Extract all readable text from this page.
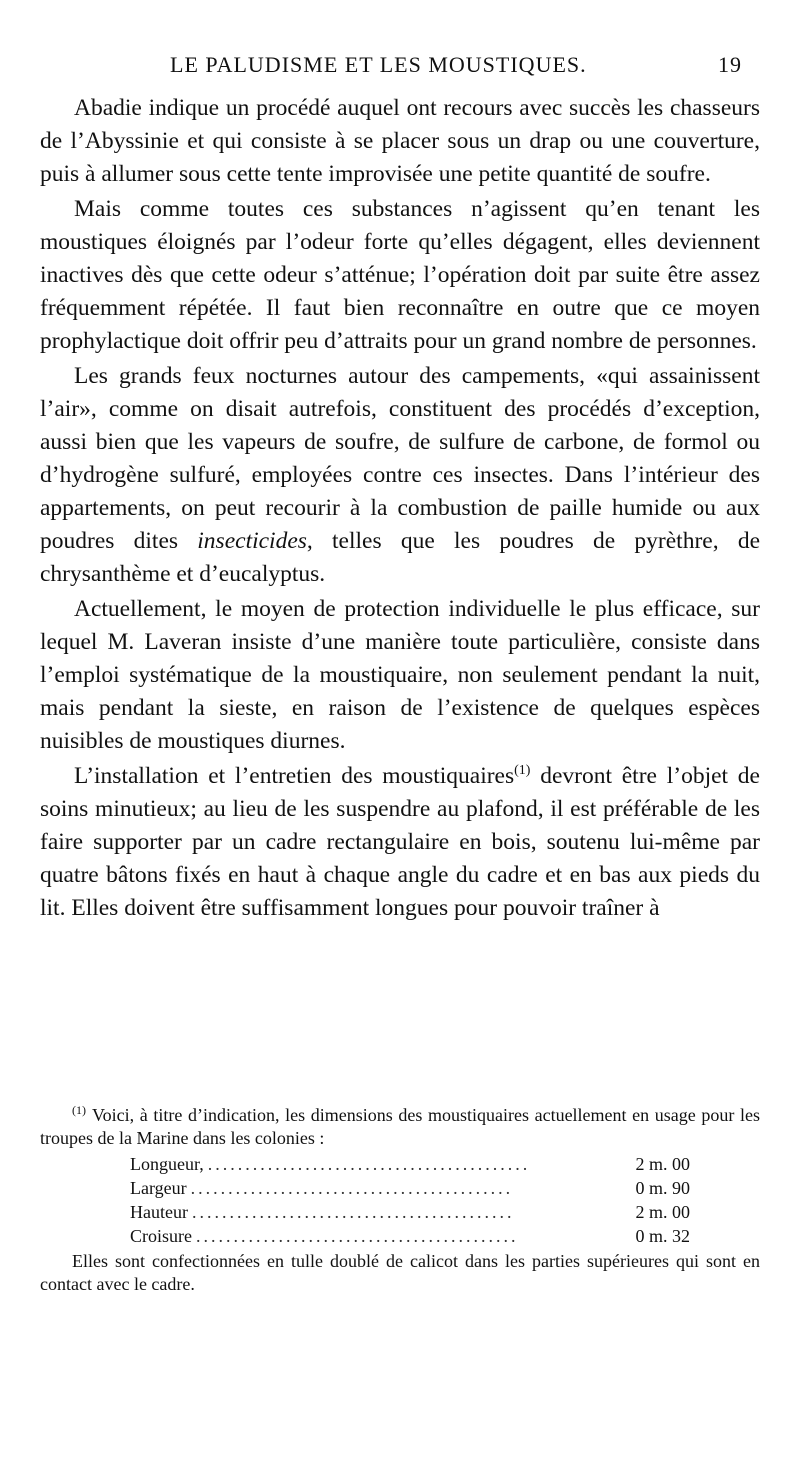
LE PALUDISME ET LES MOUSTIQUES.	19

Abadie indique un procédé auquel ont recours avec succès les chasseurs de l’Abyssinie et qui consiste à se placer sous un drap ou une couverture, puis à allumer sous cette tente improvisée une petite quantité de soufre.

Mais comme toutes ces substances n’agissent qu’en tenant les moustiques éloignés par l’odeur forte qu’elles dégagent, elles deviennent inactives dès que cette odeur s’atténue; l’opération doit par suite être assez fréquemment répétée. Il faut bien reconnaître en outre que ce moyen prophylactique doit offrir peu d’attraits pour un grand nombre de personnes.

Les grands feux nocturnes autour des campements, «qui assainissent l’air», comme on disait autrefois, constituent des procédés d’exception, aussi bien que les vapeurs de soufre, de sulfure de carbone, de formol ou d’hydrogène sulfuré, employées contre ces insectes. Dans l’intérieur des appartements, on peut recourir à la combustion de paille humide ou aux poudres dites insecticides, telles que les poudres de pyrèthre, de chrysanthème et d’eucalyptus.

Actuellement, le moyen de protection individuelle le plus efficace, sur lequel M. Laveran insiste d’une manière toute particulière, consiste dans l’emploi systématique de la moustiquaire, non seulement pendant la nuit, mais pendant la sieste, en raison de l’existence de quelques espèces nuisibles de moustiques diurnes.

L’installation et l’entretien des moustiquaires$^{(1)}$ devront être l’objet de soins minutieux; au lieu de les suspendre au plafond, il est préférable de les faire supporter par un cadre rectangulaire en bois, soutenu lui-même par quatre bâtons fixés en haut à chaque angle du cadre et en bas aux pieds du lit. Elles doivent être suffisamment longues pour pouvoir traîner à

$^{(1)}$ Voici, à titre d’indication, les dimensions des moustiquaires actuellement en usage pour les troupes de la Marine dans les colonies :

Longueur, ...........................................	2 m. 00
Largeur ...........................................	0 m. 90
Hauteur ...........................................	2 m. 00
Croisure ...........................................	0 m. 32

Elles sont confectionnées en tulle doublé de calicot dans les parties supérieures qui sont en contact avec le cadre.
